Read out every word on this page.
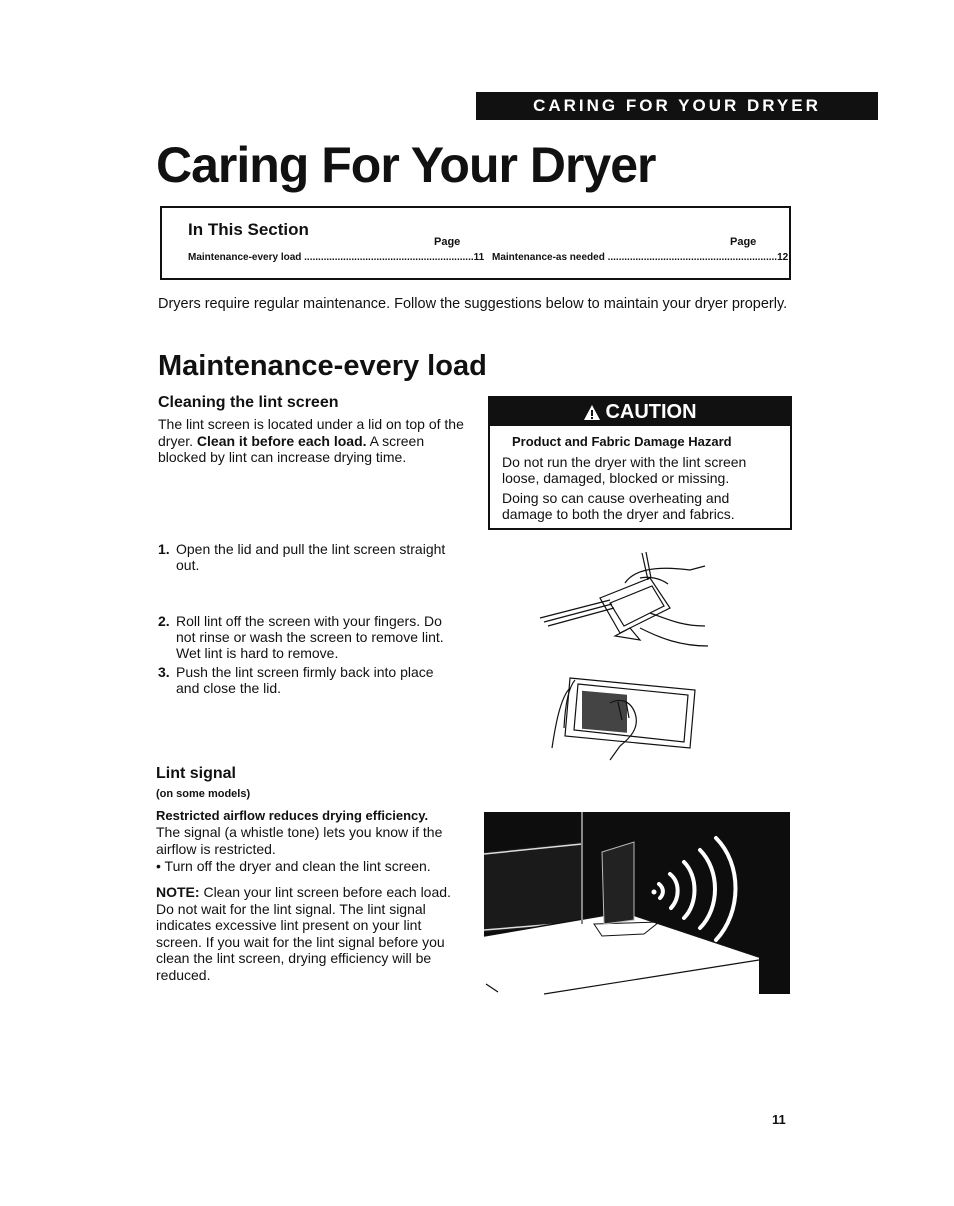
CARING FOR YOUR DRYER
Caring For Your Dryer
In This Section
Page	Page
Maintenance-every load ............................................................. 11 Maintenance-as needed ............................................................. 12
Dryers require regular maintenance. Follow the suggestions below to maintain your dryer properly.
Maintenance-every load
Cleaning the lint screen
The lint screen is located under a lid on top of the dryer. Clean it before each load. A screen blocked by lint can increase drying time.
CAUTION
Product and Fabric Damage Hazard
Do not run the dryer with the lint screen loose, damaged, blocked or missing.
Doing so can cause overheating and damage to both the dryer and fabrics.
1. Open the lid and pull the lint screen straight out.
2. Roll lint off the screen with your fingers. Do not rinse or wash the screen to remove lint. Wet lint is hard to remove.
3. Push the lint screen firmly back into place and close the lid.
Lint signal
(on some models)
Restricted airflow reduces drying efficiency.
The signal (a whistle tone) lets you know if the airflow is restricted.
• Turn off the dryer and clean the lint screen.
NOTE: Clean your lint screen before each load. Do not wait for the lint signal. The lint signal indicates excessive lint present on your lint screen. If you wait for the lint signal before you clean the lint screen, drying efficiency will be reduced.
11
